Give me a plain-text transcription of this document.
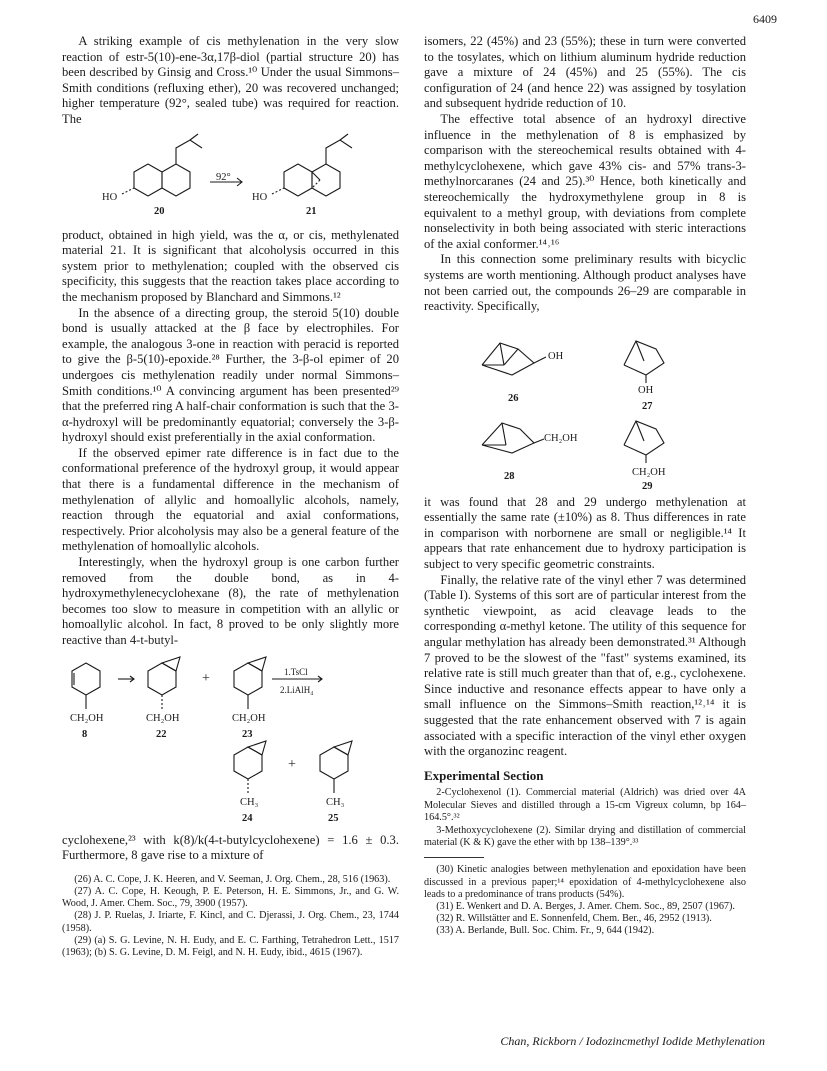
6409

A striking example of cis methylenation in the very slow reaction of estr-5(10)-ene-3α,17β-diol (partial structure 20) has been described by Ginsig and Cross.¹⁰ Under the usual Simmons–Smith conditions (refluxing ether), 20 was recovered unchanged; higher temperature (92°, sealed tube) was required for reaction. The

92°
HO	HO
20	21

product, obtained in high yield, was the α, or cis, methylenated material 21. It is significant that alcoholysis occurred in this system prior to methylenation; coupled with the observed cis specificity, this suggests that the reaction takes place according to the mechanism proposed by Blanchard and Simmons.¹²

In the absence of a directing group, the steroid 5(10) double bond is usually attacked at the β face by electrophiles. For example, the analogous 3-one in reaction with peracid is reported to give the β-5(10)-epoxide.²⁸ Further, the 3-β-ol epimer of 20 undergoes cis methylenation readily under normal Simmons–Smith conditions.¹⁰ A convincing argument has been presented²⁹ that the preferred ring A half-chair conformation is such that the 3-α-hydroxyl will be predominantly equatorial; conversely the 3-β-hydroxyl should exist preferentially in the axial conformation.

If the observed epimer rate difference is in fact due to the conformational preference of the hydroxyl group, it would appear that there is a fundamental difference in the mechanism of methylenation of allylic and homoallylic alcohols, namely, reaction through the equatorial and axial conformations, respectively. Prior alcoholysis may also be a general feature of the methylenation of homoallylic alcohols.

Interestingly, when the hydroxyl group is one carbon further removed from the double bond, as in 4-hydroxymethylenecyclohexane (8), the rate of methylenation becomes too slow to measure in competition with an allylic or homoallylic alcohol. In fact, 8 proved to be only slightly more reactive than 4-t-butyl-

+	1.TsCl
2.LiAlH₄
CH₂OH	CH₂OH	CH₂OH
8	22	23
+
CH₃	CH₃
24	25

cyclohexene,²³ with k(8)/k(4-t-butylcyclohexene) = 1.6 ± 0.3. Furthermore, 8 gave rise to a mixture of

(26) A. C. Cope, J. K. Heeren, and V. Seeman, J. Org. Chem., 28, 516 (1963).
(27) A. C. Cope, H. Keough, P. E. Peterson, H. E. Simmons, Jr., and G. W. Wood, J. Amer. Chem. Soc., 79, 3900 (1957).
(28) J. P. Ruelas, J. Iriarte, F. Kincl, and C. Djerassi, J. Org. Chem., 23, 1744 (1958).
(29) (a) S. G. Levine, N. H. Eudy, and E. C. Farthing, Tetrahedron Lett., 1517 (1963); (b) S. G. Levine, D. M. Feigl, and N. H. Eudy, ibid., 4615 (1967).

isomers, 22 (45%) and 23 (55%); these in turn were converted to the tosylates, which on lithium aluminum hydride reduction gave a mixture of 24 (45%) and 25 (55%). The cis configuration of 24 (and hence 22) was assigned by tosylation and subsequent hydride reduction of 10.

The effective total absence of an hydroxyl directive influence in the methylenation of 8 is emphasized by comparison with the stereochemical results obtained with 4-methylcyclohexene, which gave 43% cis- and 57% trans-3-methylnorcaranes (24 and 25).³⁰ Hence, both kinetically and stereochemically the hydroxymethylene group in 8 is equivalent to a methyl group, with deviations from complete nonselectivity in both being associated with steric interactions of the axial conformer.¹⁴˒¹⁶

In this connection some preliminary results with bicyclic systems are worth mentioning. Although product analyses have not been carried out, the compounds 26–29 are comparable in reactivity. Specifically,

OH
OH
26
27
CH₂OH
CH₂OH
28
29

it was found that 28 and 29 undergo methylenation at essentially the same rate (±10%) as 8. Thus differences in rate in comparison with norbornene are small or negligible.¹⁴ It appears that rate enhancement due to hydroxy participation is subject to very specific geometric constraints.

Finally, the relative rate of the vinyl ether 7 was determined (Table I). Systems of this sort are of particular interest from the synthetic viewpoint, as acid cleavage leads to the corresponding α-methyl ketone. The utility of this sequence for angular methylation has already been demonstrated.³¹ Although 7 proved to be the slowest of the "fast" systems examined, its relative rate is still much greater than that of, e.g., cyclohexene. Since inductive and resonance effects appear to have only a small influence on the Simmons–Smith reaction,¹²˒¹⁴ it is suggested that the rate enhancement observed with 7 is again associated with a specific interaction of the vinyl ether oxygen with the organozinc reagent.

Experimental Section

2-Cyclohexenol (1). Commercial material (Aldrich) was dried over 4A Molecular Sieves and distilled through a 15-cm Vigreux column, bp 164–164.5°.³²

3-Methoxycyclohexene (2). Similar drying and distillation of commercial material (K & K) gave the ether with bp 138–139°.³³

(30) Kinetic analogies between methylenation and epoxidation have been discussed in a previous paper;¹⁴ epoxidation of 4-methylcyclohexene also leads to a predominance of trans products (54%).
(31) E. Wenkert and D. A. Berges, J. Amer. Chem. Soc., 89, 2507 (1967).
(32) R. Willstätter and E. Sonnenfeld, Chem. Ber., 46, 2952 (1913).
(33) A. Berlande, Bull. Soc. Chim. Fr., 9, 644 (1942).
Chan, Rickborn / Iodozincmethyl Iodide Methylenation
